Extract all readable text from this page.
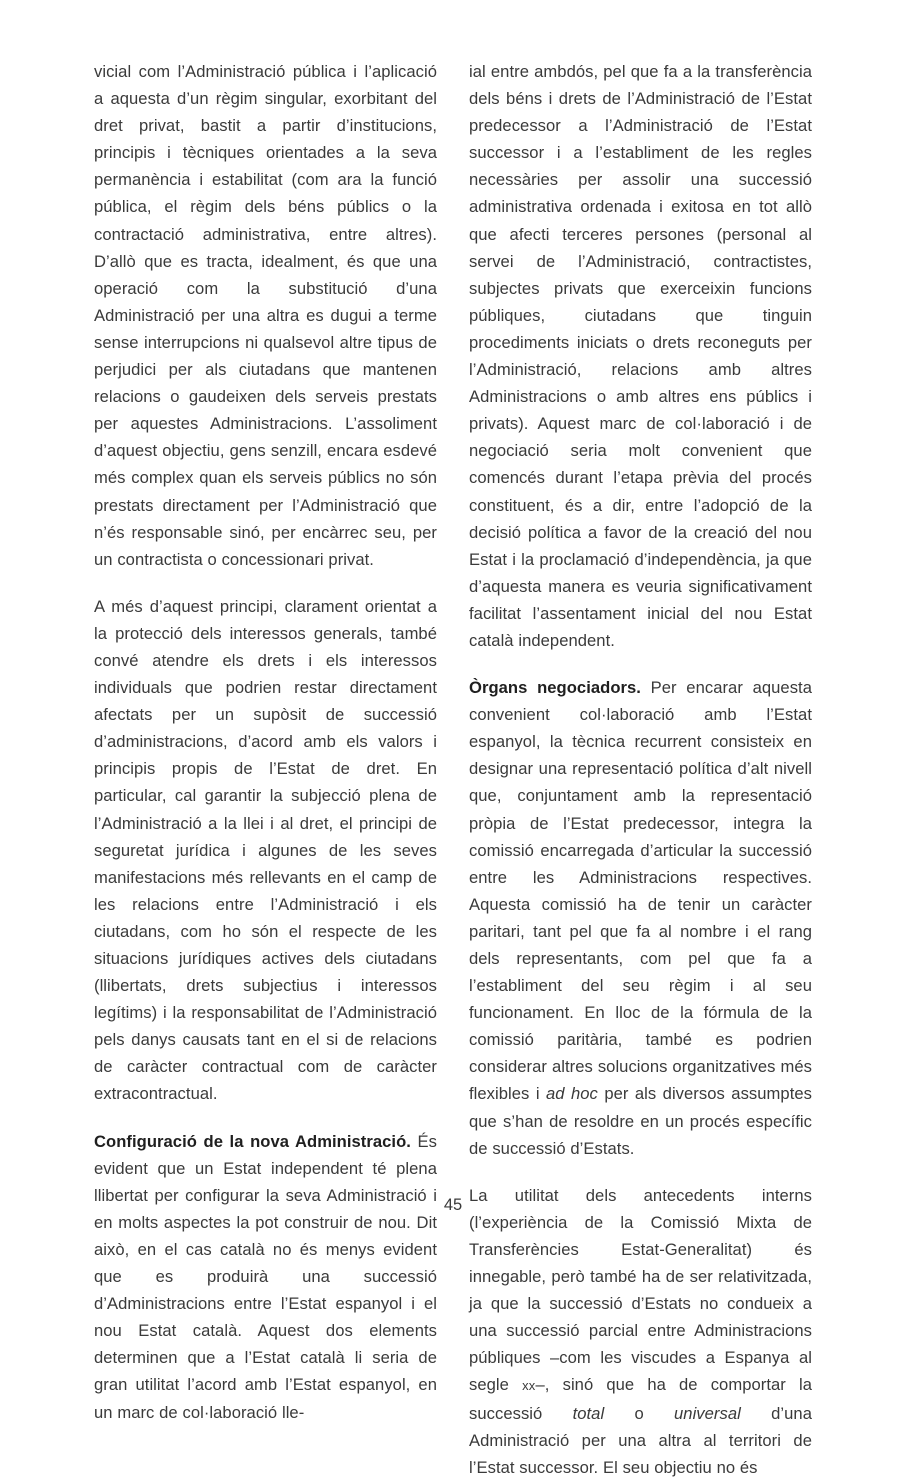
vicial com l’Administració pública i l’aplicació a aquesta d’un règim singular, exorbitant del dret privat, bastit a partir d’institucions, principis i tècniques orientades a la seva permanència i estabilitat (com ara la funció pública, el règim dels béns públics o la contractació administrativa, entre altres). D’allò que es tracta, idealment, és que una operació com la substitució d’una Administració per una altra es dugui a terme sense interrupcions ni qualsevol altre tipus de perjudici per als ciutadans que mantenen relacions o gaudeixen dels serveis prestats per aquestes Administracions. L’assoliment d’aquest objectiu, gens senzill, encara esdevé més complex quan els serveis públics no són prestats directament per l’Administració que n’és responsable sinó, per encàrrec seu, per un contractista o concessionari privat.

A més d’aquest principi, clarament orientat a la protecció dels interessos generals, també convé atendre els drets i els interessos individuals que podrien restar directament afectats per un supòsit de successió d’administracions, d’acord amb els valors i principis propis de l’Estat de dret. En particular, cal garantir la subjecció plena de l’Administració a la llei i al dret, el principi de seguretat jurídica i algunes de les seves manifestacions més rellevants en el camp de les relacions entre l’Administració i els ciutadans, com ho són el respecte de les situacions jurídiques actives dels ciutadans (llibertats, drets subjectius i interessos legítims) i la responsabilitat de l’Administració pels danys causats tant en el si de relacions de caràcter contractual com de caràcter extracontractual.

Configuració de la nova Administració. És evident que un Estat independent té plena llibertat per configurar la seva Administració i en molts aspectes la pot construir de nou. Dit això, en el cas català no és menys evident que es produirà una successió d’Administracions entre l’Estat espanyol i el nou Estat català. Aquest dos elements determinen que a l’Estat català li seria de gran utilitat l’acord amb l’Estat espanyol, en un marc de col·laboració lle-

ial entre ambdós, pel que fa a la transferència dels béns i drets de l’Administració de l’Estat predecessor a l’Administració de l’Estat successor i a l’establiment de les regles necessàries per assolir una successió administrativa ordenada i exitosa en tot allò que afecti terceres persones (personal al servei de l’Administració, contractistes, subjectes privats que exerceixin funcions públiques, ciutadans que tinguin procediments iniciats o drets reconeguts per l’Administració, relacions amb altres Administracions o amb altres ens públics i privats). Aquest marc de col·laboració i de negociació seria molt convenient que comencés durant l’etapa prèvia del procés constituent, és a dir, entre l’adopció de la decisió política a favor de la creació del nou Estat i la proclamació d’independència, ja que d’aquesta manera es veuria significativament facilitat l’assentament inicial del nou Estat català independent.

Òrgans negociadors. Per encarar aquesta convenient col·laboració amb l’Estat espanyol, la tècnica recurrent consisteix en designar una representació política d’alt nivell que, conjuntament amb la representació pròpia de l’Estat predecessor, integra la comissió encarregada d’articular la successió entre les Administracions respectives. Aquesta comissió ha de tenir un caràcter paritari, tant pel que fa al nombre i el rang dels representants, com pel que fa a l’establiment del seu règim i al seu funcionament. En lloc de la fórmula de la comissió paritària, també es podrien considerar altres solucions organitzatives més flexibles i ad hoc per als diversos assumptes que s’han de resoldre en un procés específic de successió d’Estats.

La utilitat dels antecedents interns (l’experiència de la Comissió Mixta de Transferències Estat-Generalitat) és innegable, però també ha de ser relativitzada, ja que la successió d’Estats no condueix a una successió parcial entre Administracions públiques –com les viscudes a Espanya al segle xx–, sinó que ha de comportar la successió total o universal d’una Administració per una altra al territori de l’Estat successor. El seu objectiu no és

45
